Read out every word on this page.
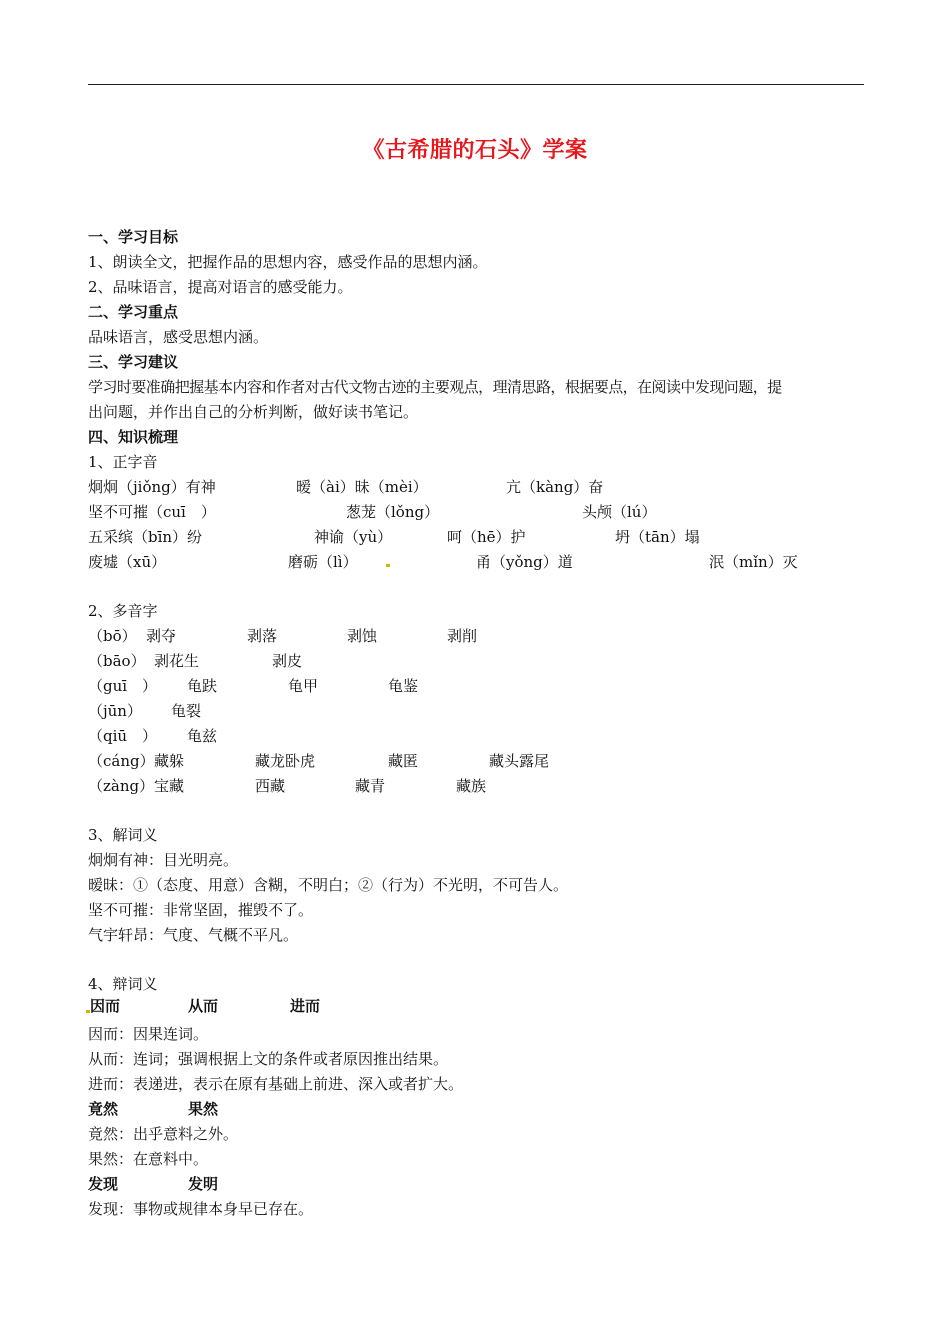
《古希腊的石头》学案
一、学习目标
1、朗读全文，把握作品的思想内容，感受作品的思想内涵。
2、品味语言，提高对语言的感受能力。
二、学习重点
品味语言，感受思想内涵。
三、学习建议
学习时要准确把握基本内容和作者对古代文物古迹的主要观点，理清思路，根据要点，在阅读中发现问题，提
出问题，并作出自己的分析判断，做好读书笔记。
四、知识梳理
1、正字音
炯炯（jiǒng）有神	暧（ài）昧（mèi）	亢（kàng）奋
坚不可摧（cuī　）	葱茏（lǒng）	头颅（lú）
五采缤（bīn）纷	神谕（yù）	呵（hē）护	坍（tān）塌
废墟（xū）	磨砺（lì）	甬（yǒng）道	泯（mǐn）灭
2、多音字
（bō） 剥夺	剥落	剥蚀	剥削
（bāo） 剥花生	剥皮
（guī　） 龟趺	龟甲	龟鉴
（jūn） 龟裂
（qiū　） 龟兹
（cáng） 藏躲	藏龙卧虎	藏匿	藏头露尾
（zàng） 宝藏	西藏	藏青	藏族
3、解词义
炯炯有神：目光明亮。
暧昧：①（态度、用意）含糊，不明白；②（行为）不光明，不可告人。
坚不可摧：非常坚固，摧毁不了。
气宇轩昂：气度、气概不平凡。
4、辩词义
因而	从而	进而
因而：因果连词。
从而：连词；强调根据上文的条件或者原因推出结果。
进而：表递进，表示在原有基础上前进、深入或者扩大。
竟然	果然
竟然：出乎意料之外。
果然：在意料中。
发现	发明
发现：事物或规律本身早已存在。
